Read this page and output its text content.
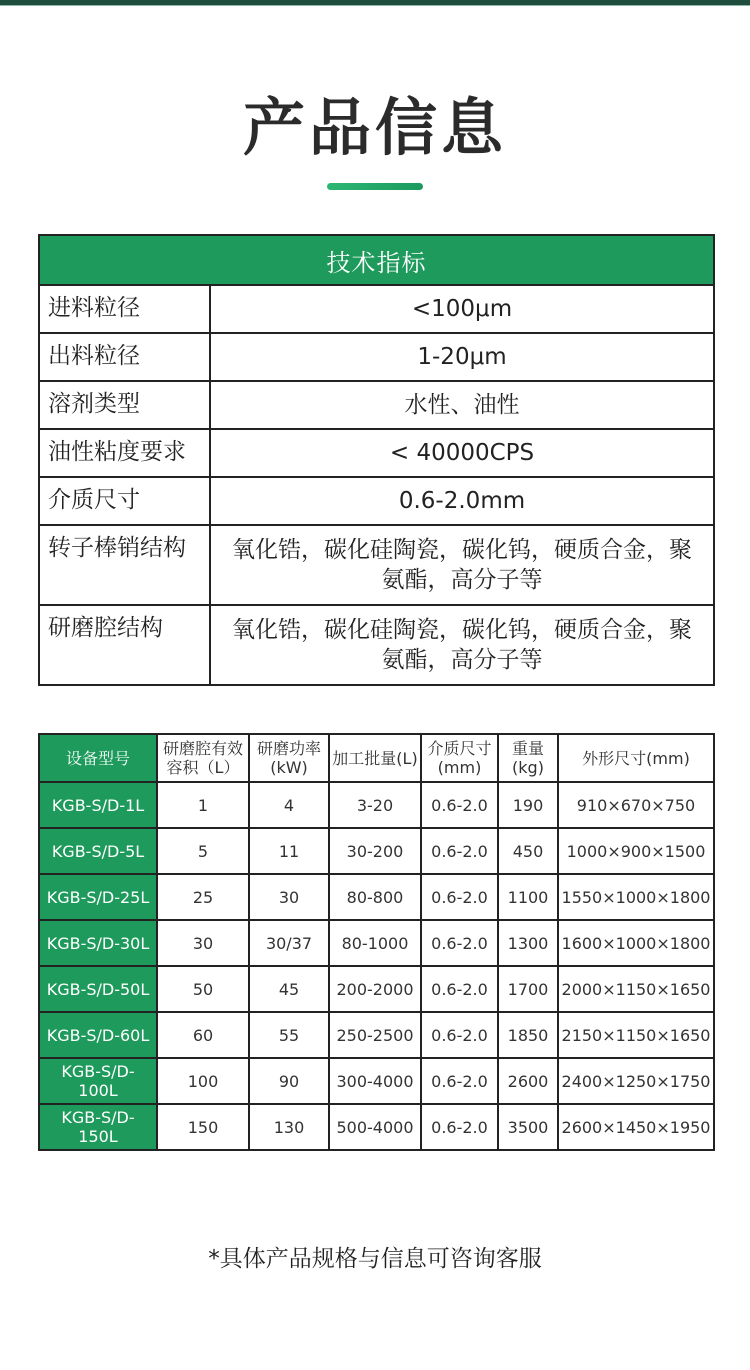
产品信息
技术指标	
进料粒径	<100μm
出料粒径	1-20μm
溶剂类型	水性、油性
油性粘度要求	< 40000CPS
介质尺寸	0.6-2.0mm
转子棒销结构	氧化锆，碳化硅陶瓷，碳化钨，硬质合金，聚氨酯，高分子等
研磨腔结构	氧化锆，碳化硅陶瓷，碳化钨，硬质合金，聚氨酯，高分子等
设备型号	研磨腔有效容积（L）	研磨功率(kW)	加工批量(L)	介质尺寸(mm)	重量(kg)	外形尺寸(mm)
KGB-S/D-1L	1	4	3-20	0.6-2.0	190	910×670×750
KGB-S/D-5L	5	11	30-200	0.6-2.0	450	1000×900×1500
KGB-S/D-25L	25	30	80-800	0.6-2.0	1100	1550×1000×1800
KGB-S/D-30L	30	30/37	80-1000	0.6-2.0	1300	1600×1000×1800
KGB-S/D-50L	50	45	200-2000	0.6-2.0	1700	2000×1150×1650
KGB-S/D-60L	60	55	250-2500	0.6-2.0	1850	2150×1150×1650
KGB-S/D-100L	100	90	300-4000	0.6-2.0	2600	2400×1250×1750
KGB-S/D-150L	150	130	500-4000	0.6-2.0	3500	2600×1450×1950
*具体产品规格与信息可咨询客服
